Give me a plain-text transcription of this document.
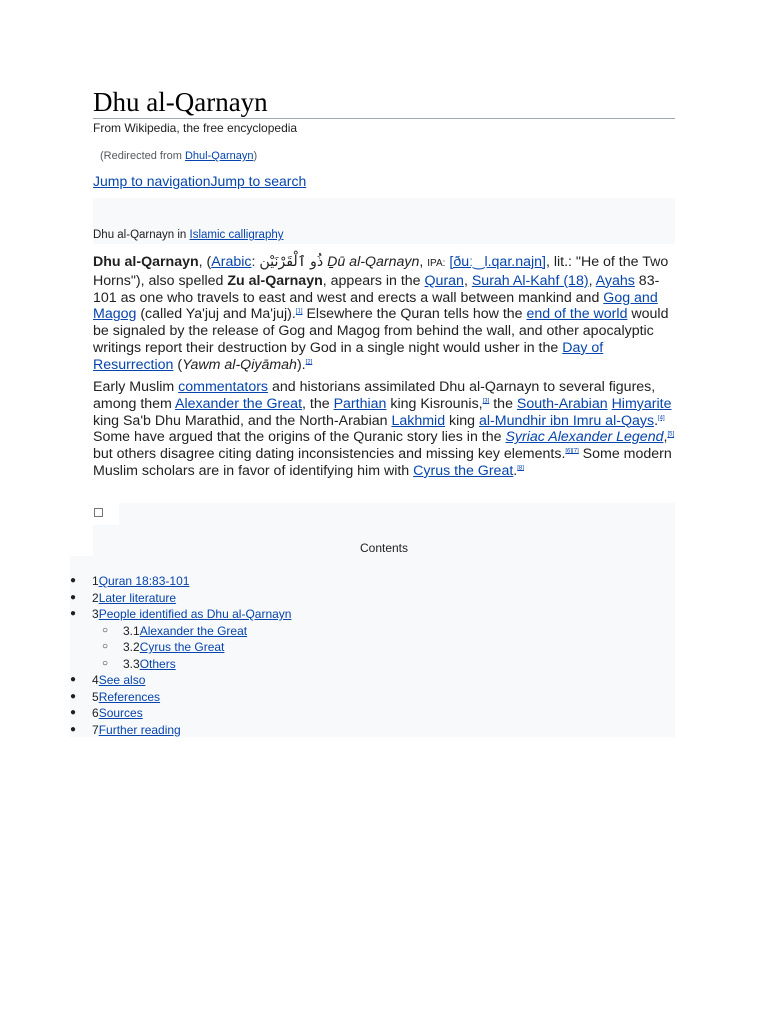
Dhu al-Qarnayn
From Wikipedia, the free encyclopedia
(Redirected from Dhul-Qarnayn)
Jump to navigationJump to search
Dhu al-Qarnayn in Islamic calligraphy

Dhu al-Qarnayn, (Arabic: ذُو ٱلْقَرْنَيْن Ḏū al-Qarnayn, IPA: [ðuː‿l.qar.najn], lit.: "He of the Two Horns"), also spelled Zu al-Qarnayn, appears in the Quran, Surah Al-Kahf (18), Ayahs 83-101 as one who travels to east and west and erects a wall between mankind and Gog and Magog (called Ya'juj and Ma'juj).[1] Elsewhere the Quran tells how the end of the world would be signaled by the release of Gog and Magog from behind the wall, and other apocalyptic writings report their destruction by God in a single night would usher in the Day of Resurrection (Yawm al-Qiyāmah).[2]

Early Muslim commentators and historians assimilated Dhu al-Qarnayn to several figures, among them Alexander the Great, the Parthian king Kisrounis,[3] the South-Arabian Himyarite king Sa'b Dhu Marathid, and the North-Arabian Lakhmid king al-Mundhir ibn Imru al-Qays.[4] Some have argued that the origins of the Quranic story lies in the Syriac Alexander Legend,[5] but others disagree citing dating inconsistencies and missing key elements.[6][7] Some modern Muslim scholars are in favor of identifying him with Cyrus the Great.[8]

Contents
● 1Quran 18:83-101
● 2Later literature
● 3People identified as Dhu al-Qarnayn
○ 3.1Alexander the Great
○ 3.2Cyrus the Great
○ 3.3Others
● 4See also
● 5References
● 6Sources
● 7Further reading
